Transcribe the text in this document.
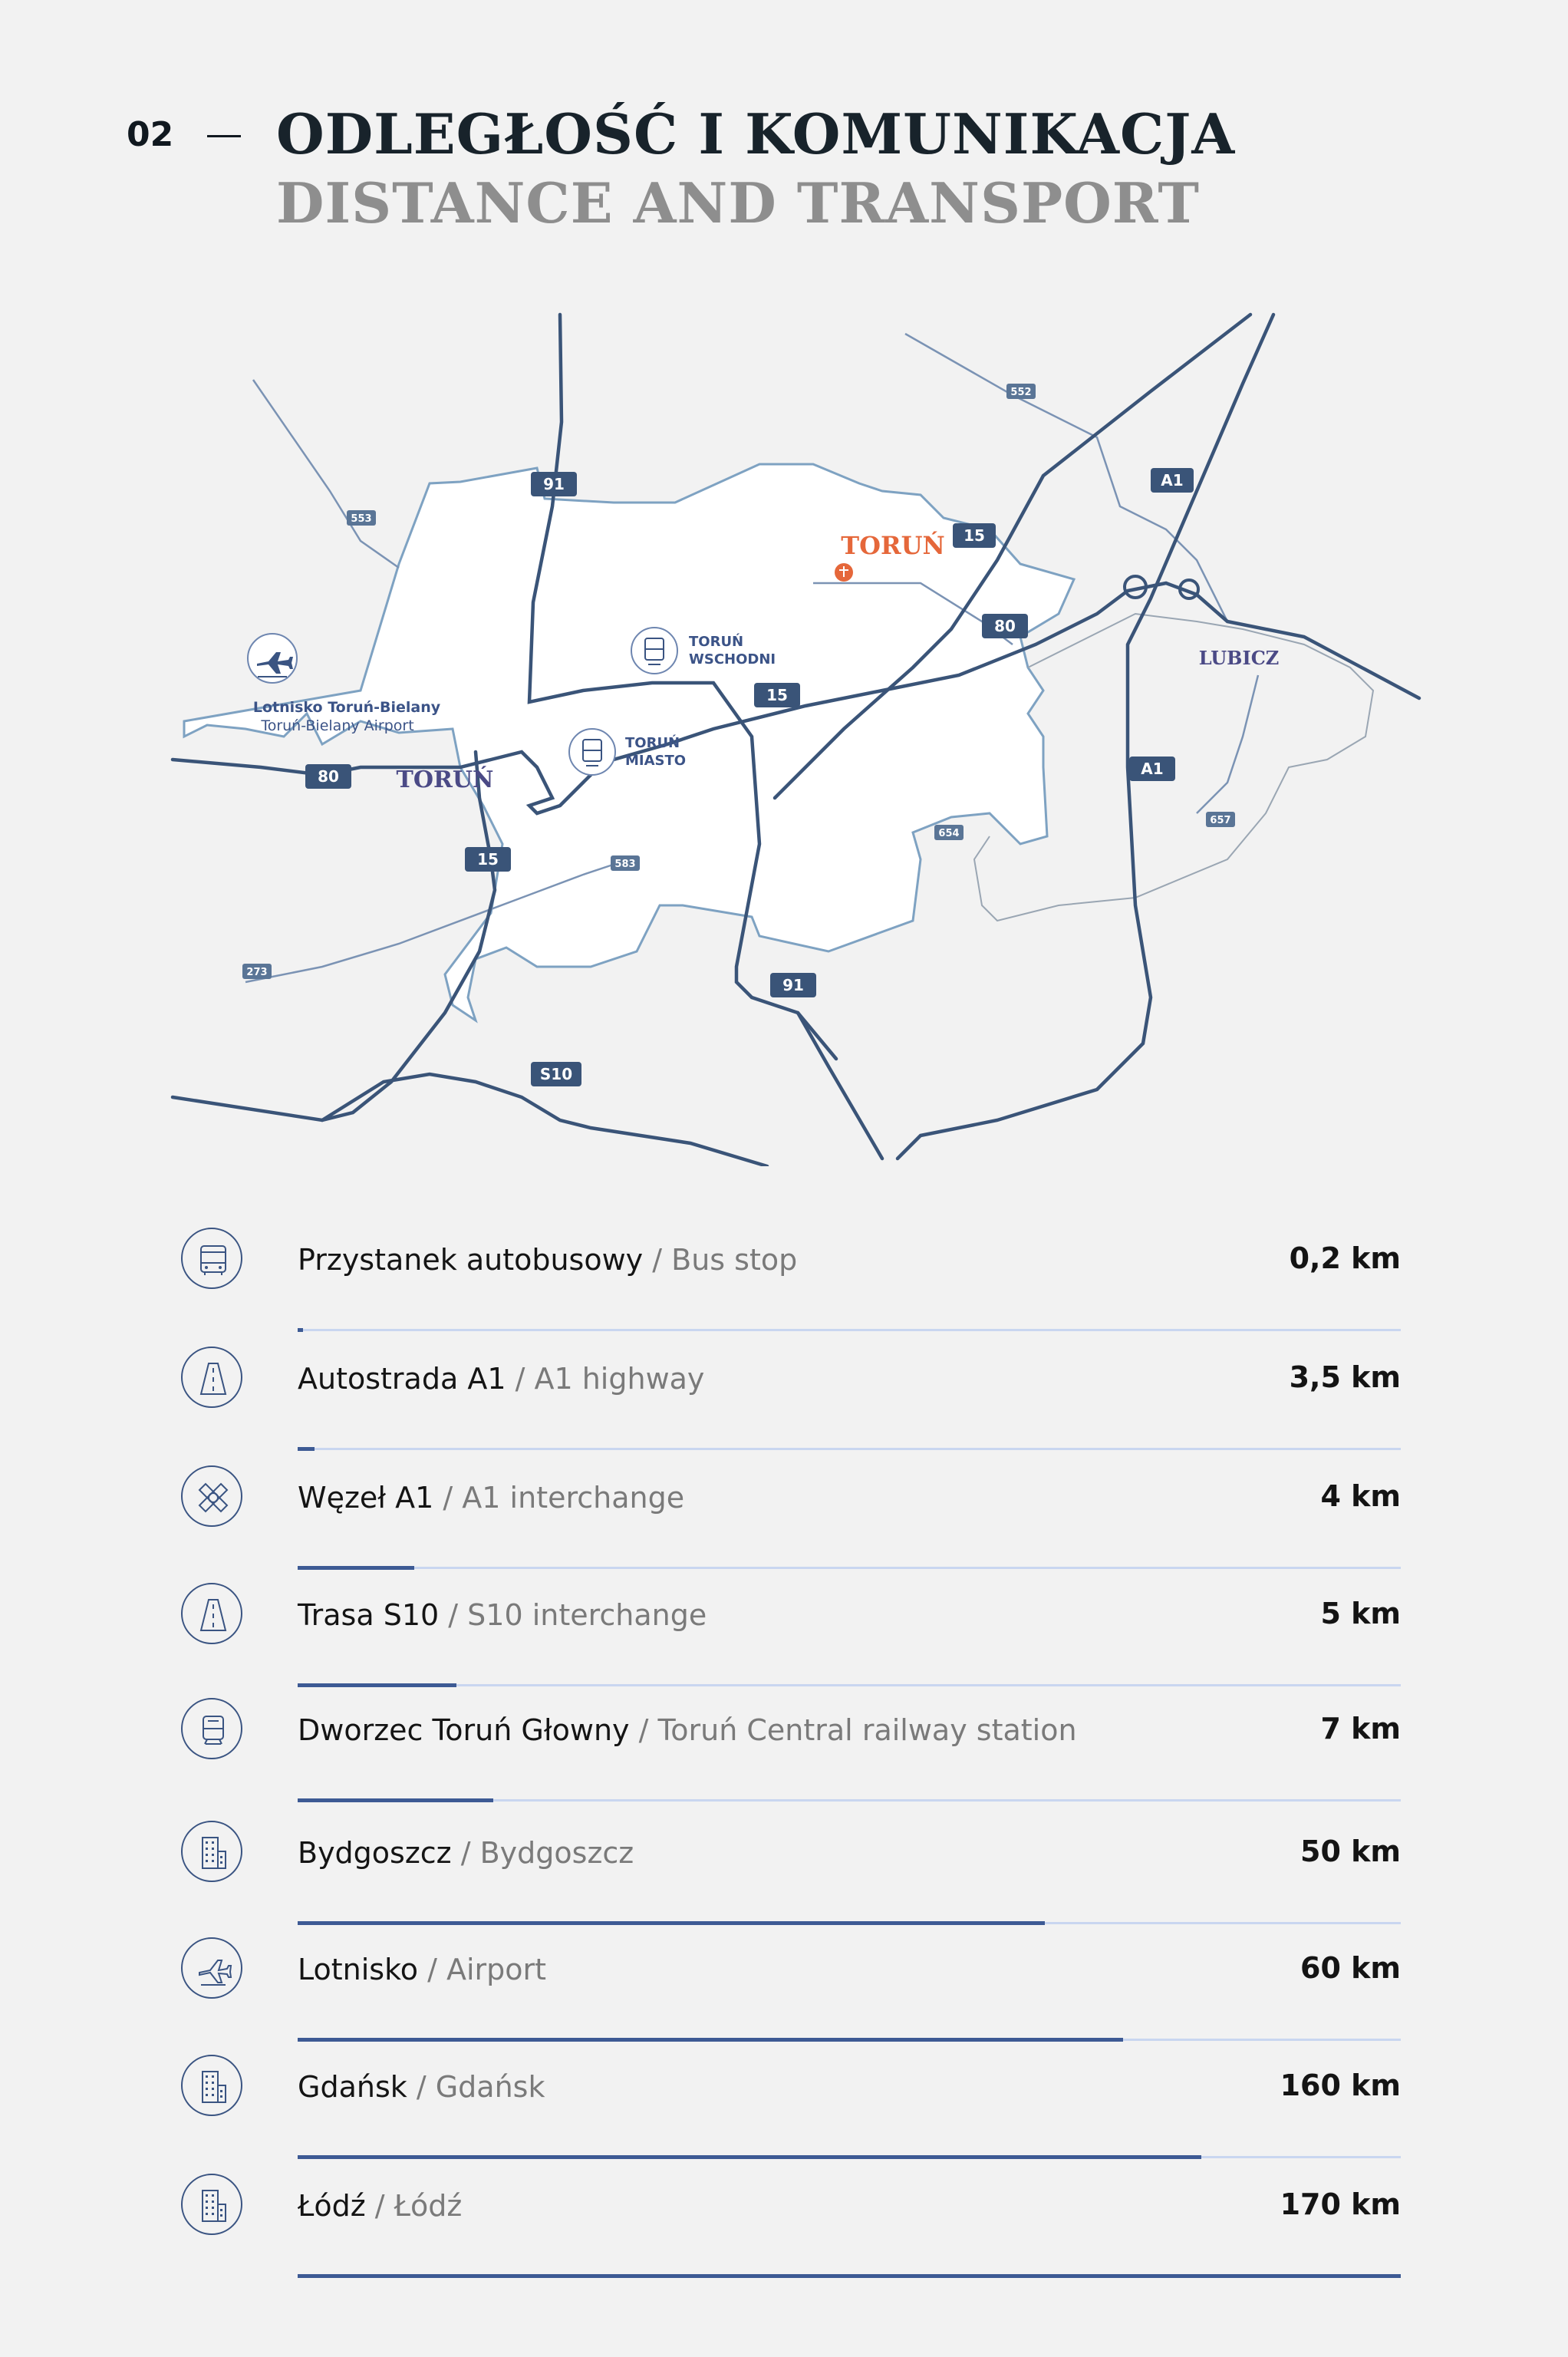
02 ODLEGŁOŚĆ I KOMUNIKACJA
DISTANCE AND TRANSPORT
91
15
A1
80
15
80	A1
15
91
S10
552
553
583
654
657
273
TORUŃ
TORUŃ
LUBICZ
Lotnisko Toruń-Bielany
Toruń-Bielany Airport
TORUŃ
WSCHODNI
TORUŃ
MIASTO
Przystanek autobusowy / Bus stop	0,2 km
Autostrada A1 / A1 highway	3,5 km
Węzeł A1 / A1 interchange	4 km
Trasa S10 / S10 interchange	5 km
Dworzec Toruń Głowny / Toruń Central railway station	7 km
Bydgoszcz / Bydgoszcz	50 km
Lotnisko / Airport	60 km
Gdańsk / Gdańsk	160 km
Łódź / Łódź	170 km
